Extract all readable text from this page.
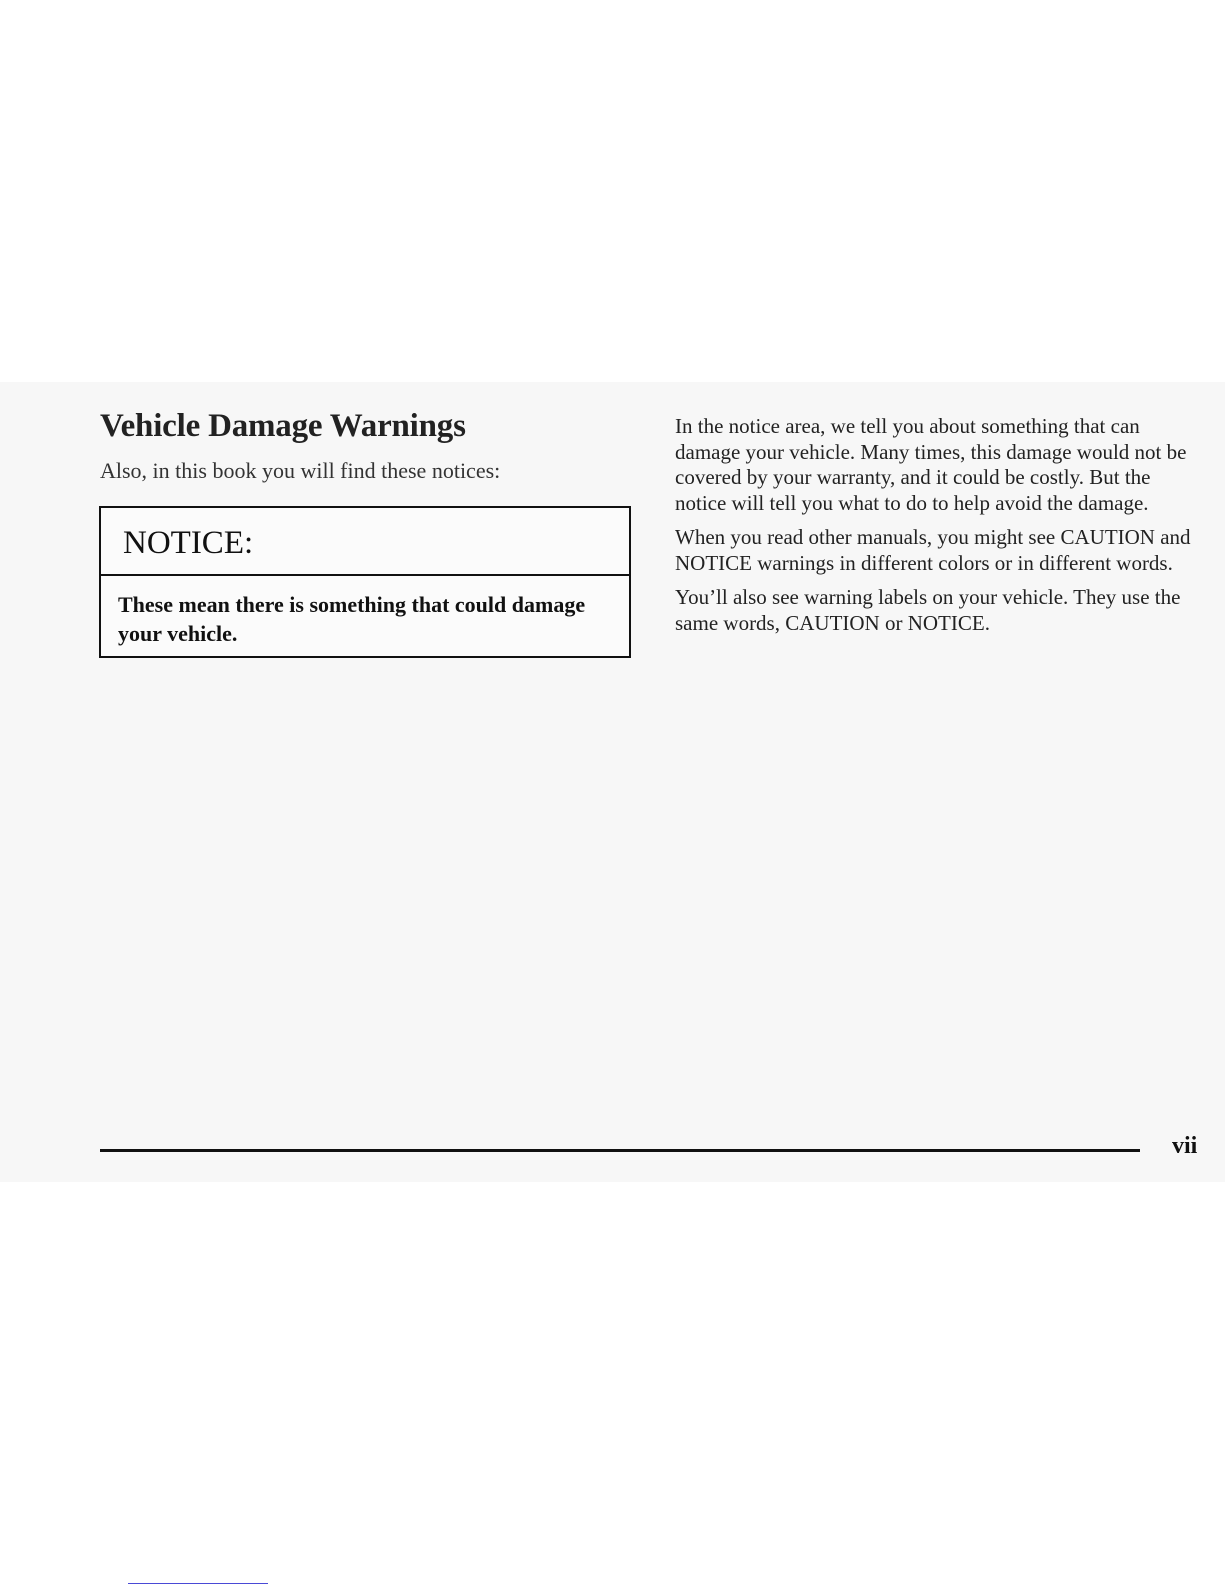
Vehicle Damage Warnings

Also, in this book you will find these notices:

NOTICE:

These mean there is something that could damage your vehicle.

In the notice area, we tell you about something that can damage your vehicle. Many times, this damage would not be covered by your warranty, and it could be costly. But the notice will tell you what to do to help avoid the damage.

When you read other manuals, you might see CAUTION and NOTICE warnings in different colors or in different words.

You’ll also see warning labels on your vehicle. They use the same words, CAUTION or NOTICE.

vii
